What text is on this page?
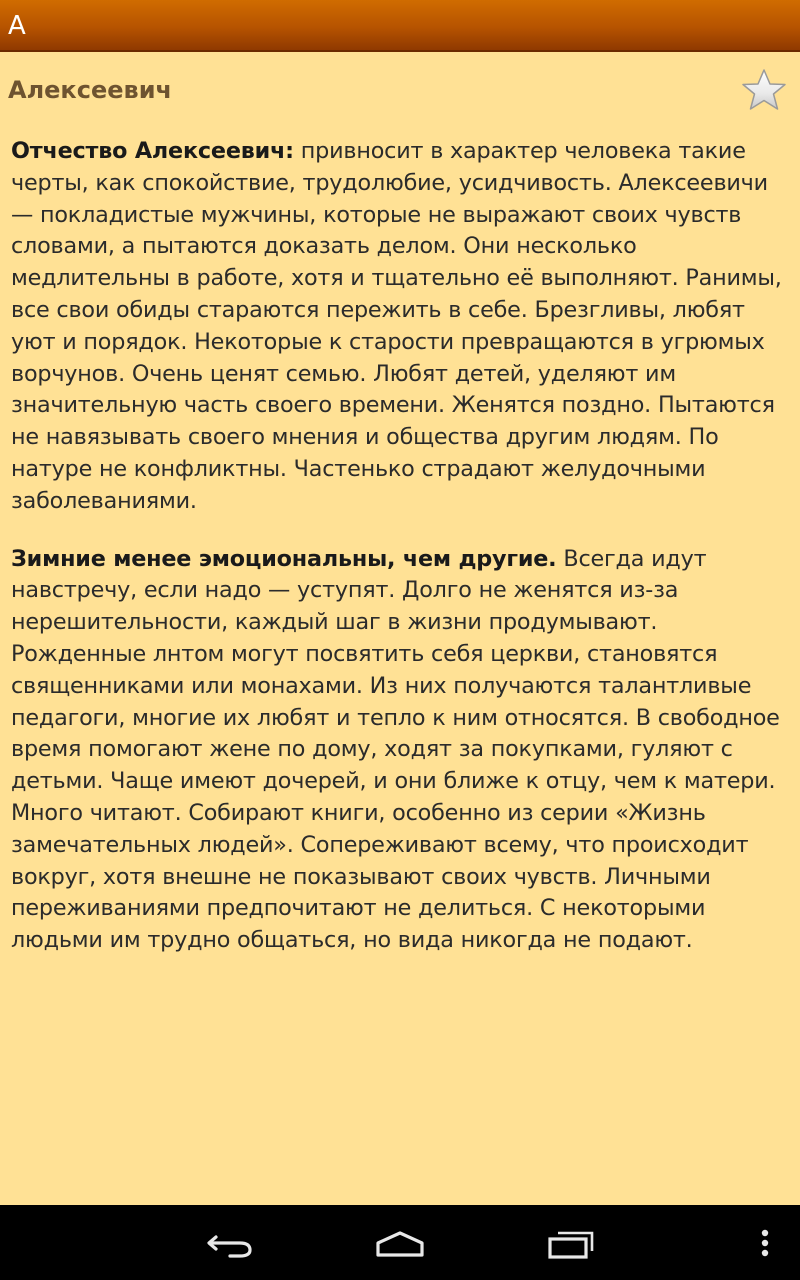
А
Алексеевич

Отчество Алексеевич: привносит в характер человека такие черты, как спокойствие, трудолюбие, усидчивость. Алексеевичи — покладистые мужчины, которые не выражают своих чувств словами, а пытаются доказать делом. Они несколько медлительны в работе, хотя и тщательно её выполняют. Ранимы, все свои обиды стараются пережить в себе. Брезгливы, любят уют и порядок. Некоторые к старости превращаются в угрюмых ворчунов. Очень ценят семью. Любят детей, уделяют им значительную часть своего времени. Женятся поздно. Пытаются не навязывать своего мнения и общества другим людям. По натуре не конфликтны. Частенько страдают желудочными заболеваниями.

Зимние менее эмоциональны, чем другие. Всегда идут навстречу, если надо — уступят. Долго не женятся из-за нерешительности, каждый шаг в жизни продумывают. Рожденные лнтом могут посвятить себя церкви, становятся священниками или монахами. Из них получаются талантливые педагоги, многие их любят и тепло к ним относятся. В свободное время помогают жене по дому, ходят за покупками, гуляют с детьми. Чаще имеют дочерей, и они ближе к отцу, чем к матери. Много читают. Собирают книги, особенно из серии «Жизнь замечательных людей». Сопереживают всему, что происходит вокруг, хотя внешне не показывают своих чувств. Личными переживаниями предпочитают не делиться. С некоторыми людьми им трудно общаться, но вида никогда не подают.
